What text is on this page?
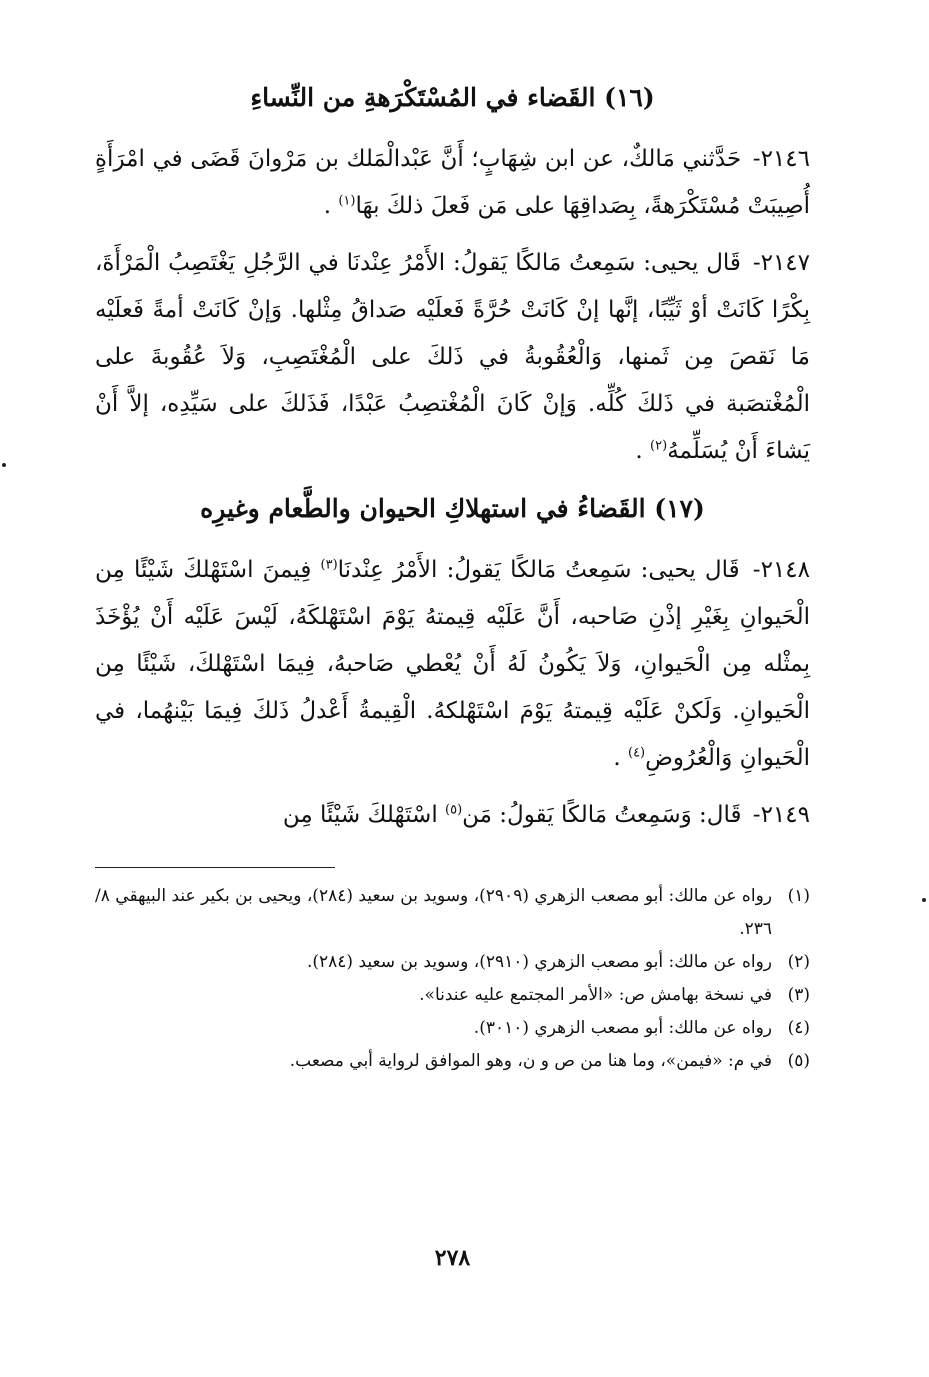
(١٦) القَضاء في المُسْتَكْرَهةِ من النِّساءِ

٢١٤٦- حَدَّثني مَالكٌ، عن ابن شِهَابٍ؛ أَنَّ عَبْدالْمَلك بن مَرْوانَ قَضَى في امْرَأَةٍ أُصِيبَتْ مُسْتَكْرَهةً، بِصَداقِهَا على مَن فَعلَ ذلكَ بهَا$^{(١)}$ .

٢١٤٧- قَال يحيى: سَمِعتُ مَالكًا يَقولُ: الأَمْرُ عِنْدنَا في الرَّجُلِ يَغْتَصِبُ الْمَرْأَةَ، بِكْرًا كَانَتْ أوْ ثَيِّبًا، إنَّها إنْ كَانَتْ حُرَّةً فَعلَيْه صَداقُ مِثْلها. وَإنْ كَانَتْ أمةً فَعلَيْه مَا نَقصَ مِن ثَمنها، وَالْعُقُوبةُ في ذَلكَ على الْمُغْتَصِبِ، وَلاَ عُقُوبةَ على الْمُغْتصَبة في ذَلكَ كُلِّه. وَإنْ كَانَ الْمُغْتصِبُ عَبْدًا، فَذَلكَ على سَيِّدِه، إلاَّ أَنْ يَشاءَ أَنْ يُسَلِّمهُ$^{(٢)}$ .

(١٧) القَضاءُ في استهلاكِ الحيوان والطَّعام وغيرِه

٢١٤٨- قَال يحيى: سَمِعتُ مَالكًا يَقولُ: الأَمْرُ عِنْدنَا$^{(٣)}$ فِيمنَ اسْتَهْلكَ شَيْئًا مِن الْحَيوانِ بِغَيْرِ إذْنِ صَاحبه، أَنَّ عَلَيْه قِيمتهُ يَوْمَ اسْتَهْلكَهُ، لَيْسَ عَلَيْه أَنْ يُؤْخَذَ بِمثْله مِن الْحَيوانِ، وَلاَ يَكُونُ لَهُ أَنْ يُعْطي صَاحبهُ، فِيمَا اسْتَهْلكَ، شَيْئًا مِن الْحَيوانِ. وَلَكنْ عَلَيْه قِيمتهُ يَوْمَ اسْتَهْلكهُ. الْقِيمةُ أَعْدلُ ذَلكَ فِيمَا بَيْنهُما، في الْحَيوانِ وَالْعُرُوضِ$^{(٤)}$ .

٢١٤٩- قَال: وَسَمِعتُ مَالكًا يَقولُ: مَن$^{(٥)}$ اسْتَهْلكَ شَيْئًا مِن

(١)
رواه عن مالك: أبو مصعب الزهري (٢٩٠٩)، وسويد بن سعيد (٢٨٤)، ويحيى بن بكير عند البيهقي ٨/ ٢٣٦.
(٢)
رواه عن مالك: أبو مصعب الزهري (٢٩١٠)، وسويد بن سعيد (٢٨٤).
(٣)
في نسخة بهامش ص: «الأمر المجتمع عليه عندنا».
(٤)
رواه عن مالك: أبو مصعب الزهري (٣٠١٠).
(٥)
في م: «فيمن»، وما هنا من ص و ن، وهو الموافق لرواية أبي مصعب.
٢٧٨
